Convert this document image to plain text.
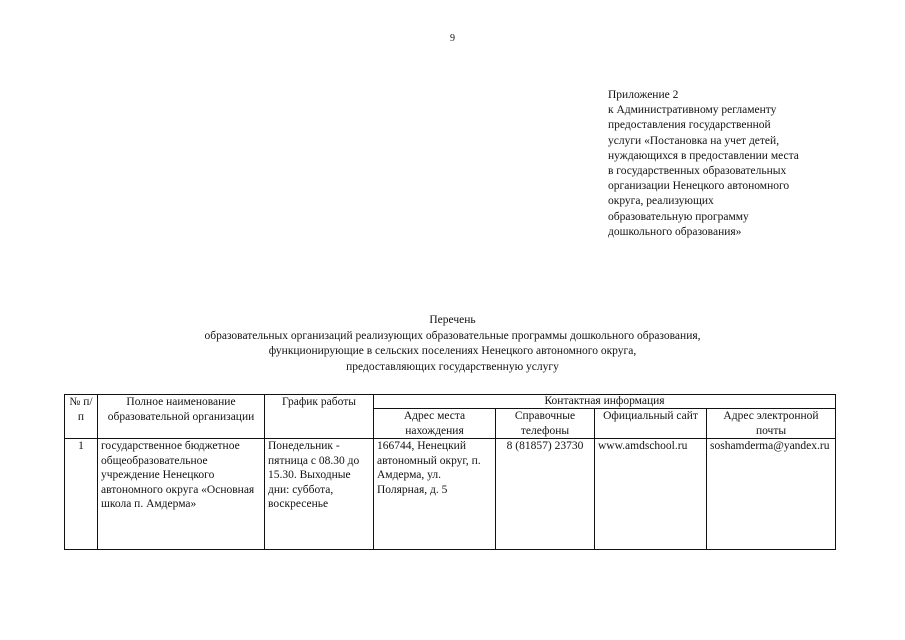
9
Приложение 2
к Административному регламенту
предоставления государственной
услуги «Постановка на учет детей,
нуждающихся в предоставлении места
в государственных образовательных
организации Ненецкого автономного
округа, реализующих
образовательную программу
дошкольного образования»
Перечень
образовательных организаций реализующих образовательные программы дошкольного образования,
функционирующие в сельских поселениях Ненецкого автономного округа,
предоставляющих государственную услугу
№ п/п	Полное наименование образовательной организации	График работы	Контактная информация			
			Адрес места нахождения	Справочные телефоны	Официальный сайт	Адрес электронной почты
1	государственное бюджетное общеобразовательное учреждение Ненецкого автономного округа «Основная школа п. Амдерма»	Понедельник - пятница с 08.30 до 15.30. Выходные дни: суббота, воскресенье	166744, Ненецкий автономный округ, п. Амдерма, ул. Полярная, д. 5	8 (81857) 23730	www.amdschool.ru	soshamderma@yandex.ru
